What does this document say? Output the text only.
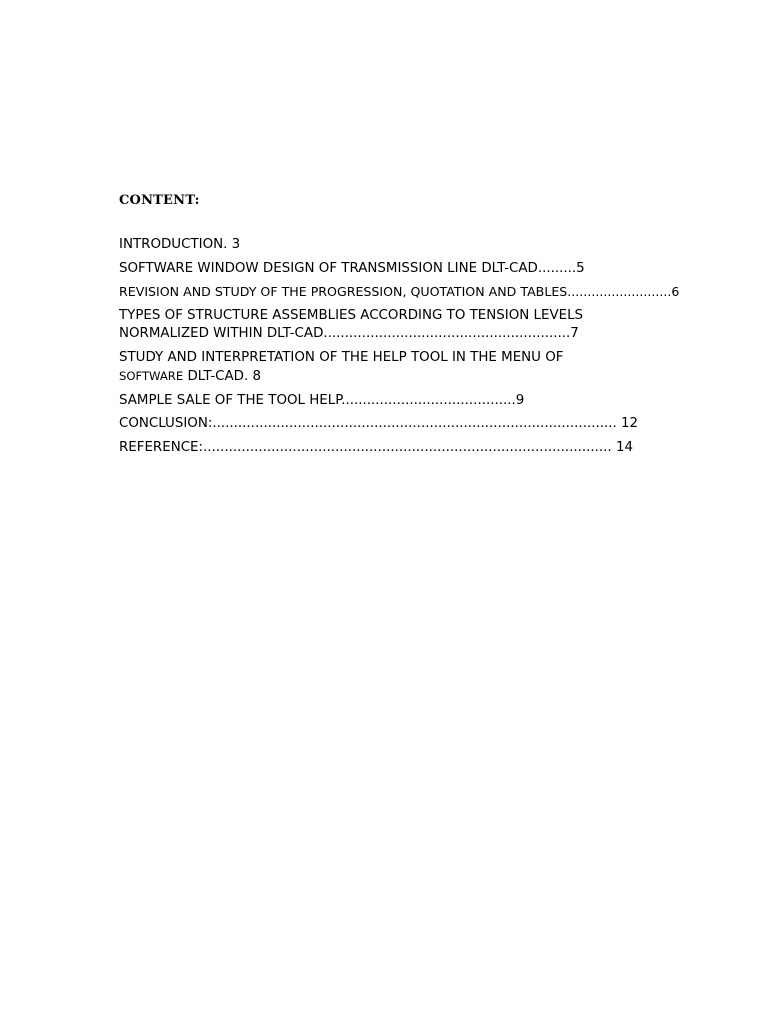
CONTENT:

INTRODUCTION. 3

SOFTWARE WINDOW DESIGN OF TRANSMISSION LINE DLT-CAD.........5

REVISION AND STUDY OF THE PROGRESSION, QUOTATION AND TABLES..........................6

TYPES OF STRUCTURE ASSEMBLIES ACCORDING TO TENSION LEVELS
NORMALIZED WITHIN DLT-CAD..........................................................7

STUDY AND INTERPRETATION OF THE HELP TOOL IN THE MENU OF
SOFTWARE DLT-CAD. 8

SAMPLE SALE OF THE TOOL HELP.........................................9

CONCLUSION:............................................................................................... 12

REFERENCE:................................................................................................ 14
